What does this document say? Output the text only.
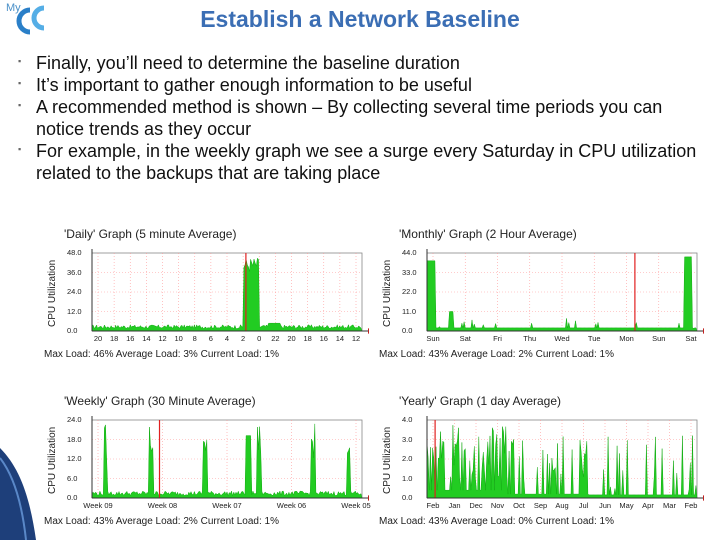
My	Establish a Network Baseline
▪ Finally, you’ll need to determine the baseline duration
▪ It’s important to gather enough information to be useful
▪ A recommended method is shown – By collecting several time periods you can notice trends as they occur
▪ For example, in the weekly graph we see a surge every Saturday in CPU utilization related to the backups that are taking place
'Daily' Graph (5 minute Average)
CPU Utilization
48.0
36.0
24.0
12.0
0.0
20 18 16 14 12 10 8 6 4 2 0 22 20 18 16 14 12
Max Load: 46% Average Load: 3% Current Load: 1%
'Monthly' Graph (2 Hour Average)
CPU Utilization
44.0
33.0
22.0
11.0
0.0
Sun	Sat	Fri	Thu Wed Tue Mon Sun	Sat
Max Load: 43% Average Load: 2% Current Load: 1%
'Weekly' Graph (30 Minute Average)
CPU Utilization
24.0
18.0
12.0
6.0
0.0
Week 09	Week 08	Week 07	Week 06	Week 05
Max Load: 43% Average Load: 2% Current Load: 1%
'Yearly' Graph (1 day Average)
CPU Utilization
4.0
3.0
2.0
1.0
0.0
Feb Jan Dec Nov Oct Sep Aug Jul Jun May Apr Mar Feb
Max Load: 43% Average Load: 0% Current Load: 1%
